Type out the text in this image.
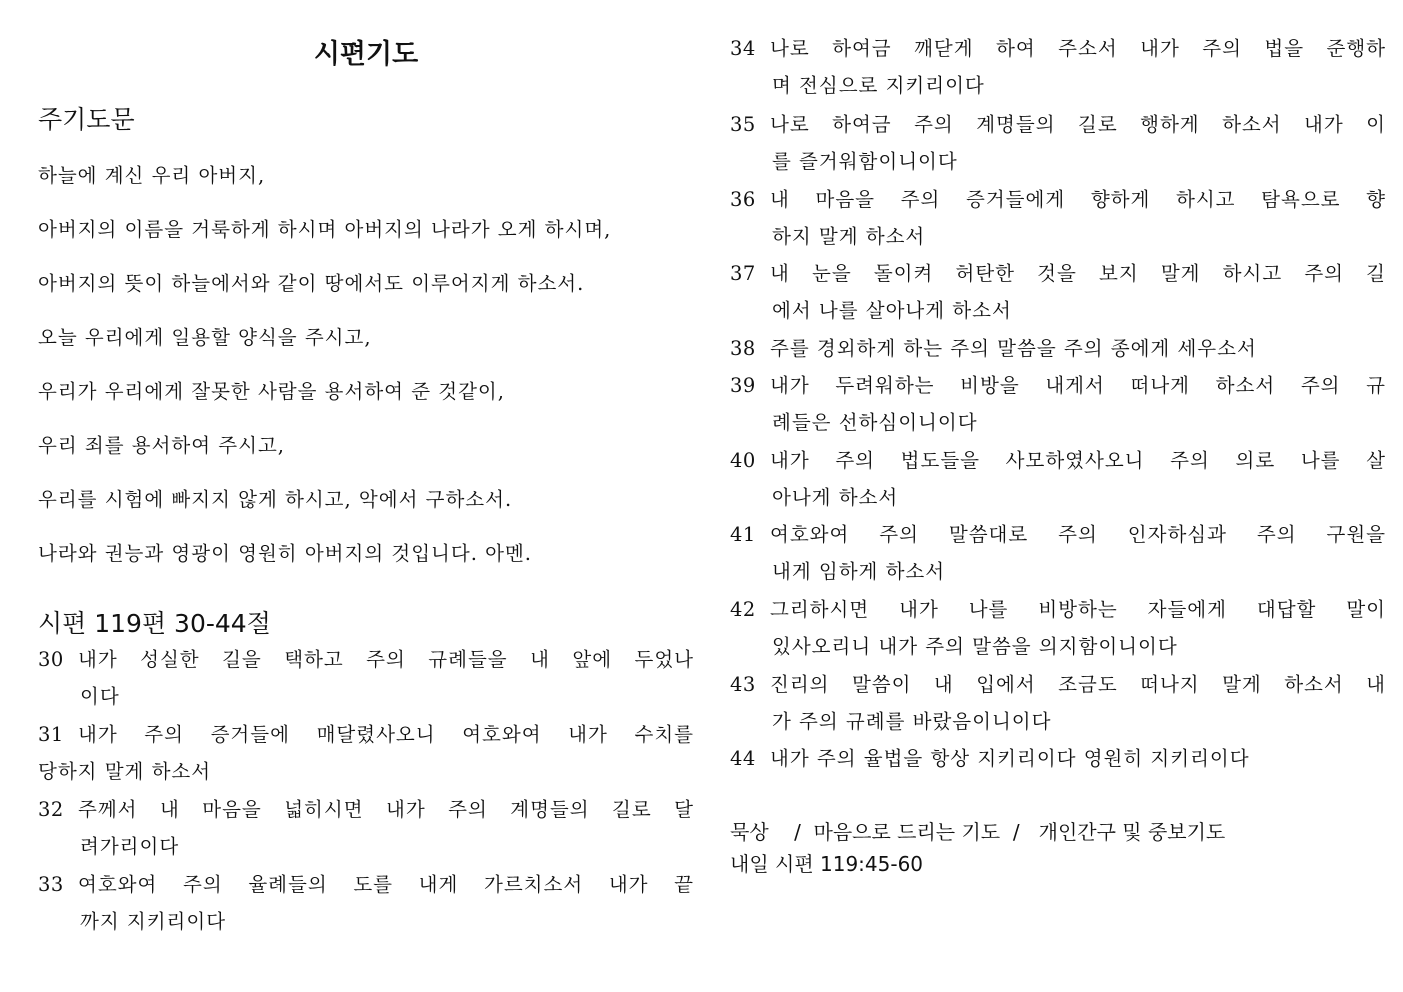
시편기도
주기도문
하늘에 계신 우리 아버지,
아버지의 이름을 거룩하게 하시며 아버지의 나라가 오게 하시며,
아버지의 뜻이 하늘에서와 같이 땅에서도 이루어지게 하소서.
오늘 우리에게 일용할 양식을 주시고,
우리가 우리에게 잘못한 사람을 용서하여 준 것같이,
우리 죄를 용서하여 주시고,
우리를 시험에 빠지지 않게 하시고, 악에서 구하소서.
나라와 권능과 영광이 영원히 아버지의 것입니다. 아멘.
시편 119편 30-44절
30 내가 성실한 길을 택하고 주의 규례들을 내 앞에 두었나
이다
31 내가 주의 증거들에 매달렸사오니 여호와여 내가 수치를
당하지 말게 하소서
32 주께서 내 마음을 넓히시면 내가 주의 계명들의 길로 달
려가리이다
33 여호와여 주의 율례들의 도를 내게 가르치소서 내가 끝
까지 지키리이다
34 나로 하여금 깨닫게 하여 주소서 내가 주의 법을 준행하
며 전심으로 지키리이다
35 나로 하여금 주의 계명들의 길로 행하게 하소서 내가 이
를 즐거워함이니이다
36 내 마음을 주의 증거들에게 향하게 하시고 탐욕으로 향
하지 말게 하소서
37 내 눈을 돌이켜 허탄한 것을 보지 말게 하시고 주의 길
에서 나를 살아나게 하소서
38 주를 경외하게 하는 주의 말씀을 주의 종에게 세우소서
39 내가 두려워하는 비방을 내게서 떠나게 하소서 주의 규
례들은 선하심이니이다
40 내가 주의 법도들을 사모하였사오니 주의 의로 나를 살
아나게 하소서
41 여호와여 주의 말씀대로 주의 인자하심과 주의 구원을
내게 임하게 하소서
42 그리하시면 내가 나를 비방하는 자들에게 대답할 말이
있사오리니 내가 주의 말씀을 의지함이니이다
43 진리의 말씀이 내 입에서 조금도 떠나지 말게 하소서 내
가 주의 규례를 바랐음이니이다
44 내가 주의 율법을 항상 지키리이다 영원히 지키리이다
묵상    /  마음으로 드리는 기도  /   개인간구 및 중보기도
내일 시편 119:45-60
